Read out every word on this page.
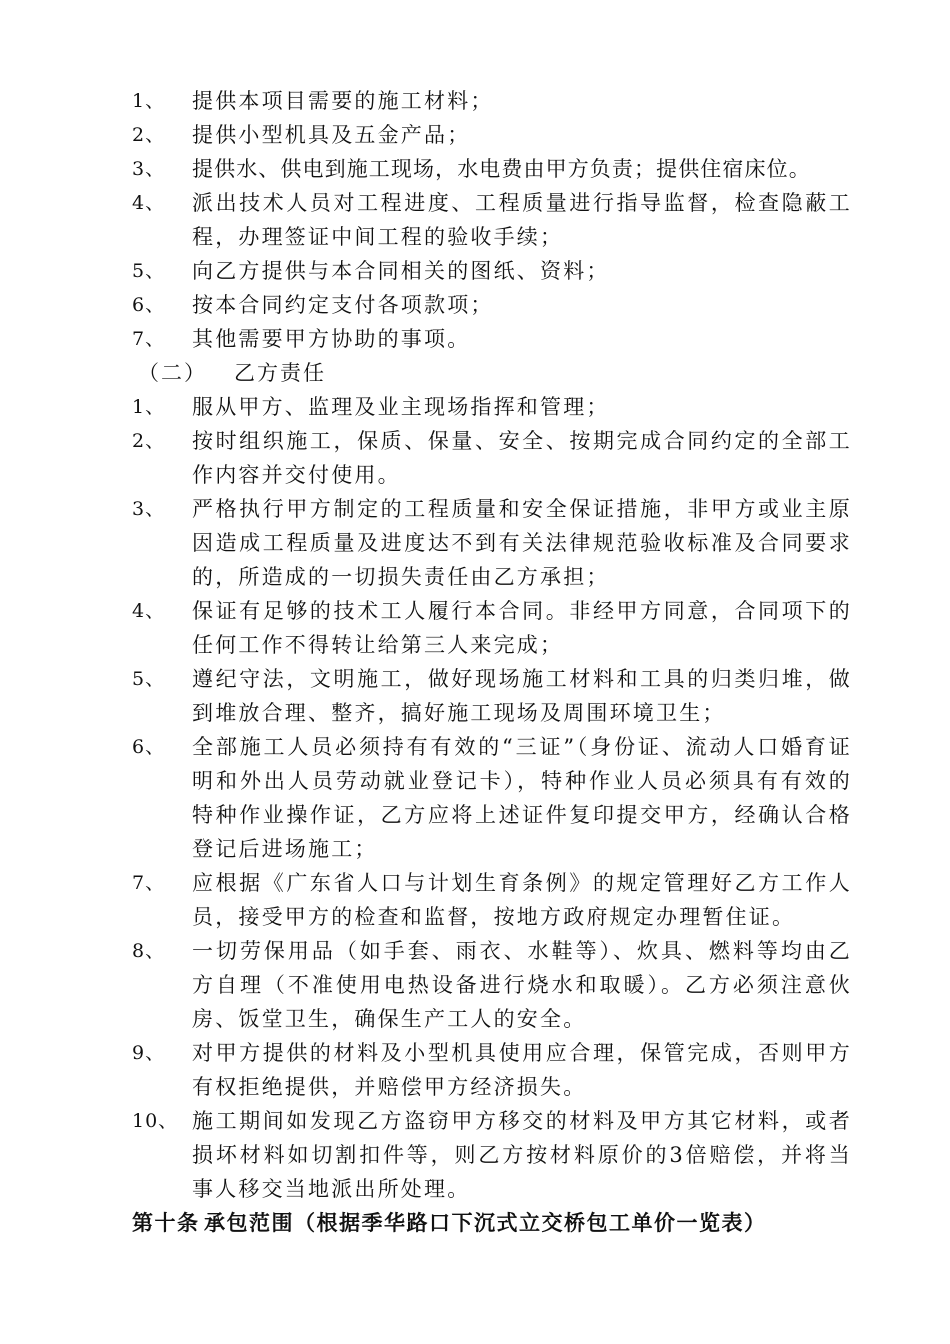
1、	提供本项目需要的施工材料；
2、	提供小型机具及五金产品；
3、	提供水、供电到施工现场，水电费由甲方负责；提供住宿床位。
4、	派出技术人员对工程进度、工程质量进行指导监督，检查隐蔽工程，办理签证中间工程的验收手续；
5、	向乙方提供与本合同相关的图纸、资料；
6、	按本合同约定支付各项款项；
7、	其他需要甲方协助的事项。
（二）	乙方责任
1、	服从甲方、监理及业主现场指挥和管理；
2、	按时组织施工，保质、保量、安全、按期完成合同约定的全部工作内容并交付使用。
3、	严格执行甲方制定的工程质量和安全保证措施，非甲方或业主原因造成工程质量及进度达不到有关法律规范验收标准及合同要求的，所造成的一切损失责任由乙方承担；
4、	保证有足够的技术工人履行本合同。非经甲方同意，合同项下的任何工作不得转让给第三人来完成；
5、	遵纪守法，文明施工，做好现场施工材料和工具的归类归堆，做到堆放合理、整齐，搞好施工现场及周围环境卫生；
6、	全部施工人员必须持有有效的“三证”（身份证、流动人口婚育证明和外出人员劳动就业登记卡），特种作业人员必须具有有效的特种作业操作证，乙方应将上述证件复印提交甲方，经确认合格登记后进场施工；
7、	应根据《广东省人口与计划生育条例》的规定管理好乙方工作人员，接受甲方的检查和监督，按地方政府规定办理暂住证。
8、	一切劳保用品（如手套、雨衣、水鞋等）、炊具、燃料等均由乙方自理（不准使用电热设备进行烧水和取暖）。乙方必须注意伙房、饭堂卫生，确保生产工人的安全。
9、	对甲方提供的材料及小型机具使用应合理，保管完成，否则甲方有权拒绝提供，并赔偿甲方经济损失。
10、 施工期间如发现乙方盗窃甲方移交的材料及甲方其它材料，或者损坏材料如切割扣件等，则乙方按材料原价的3倍赔偿，并将当事人移交当地派出所处理。
第十条 承包范围（根据季华路口下沉式立交桥包工单价一览表）
